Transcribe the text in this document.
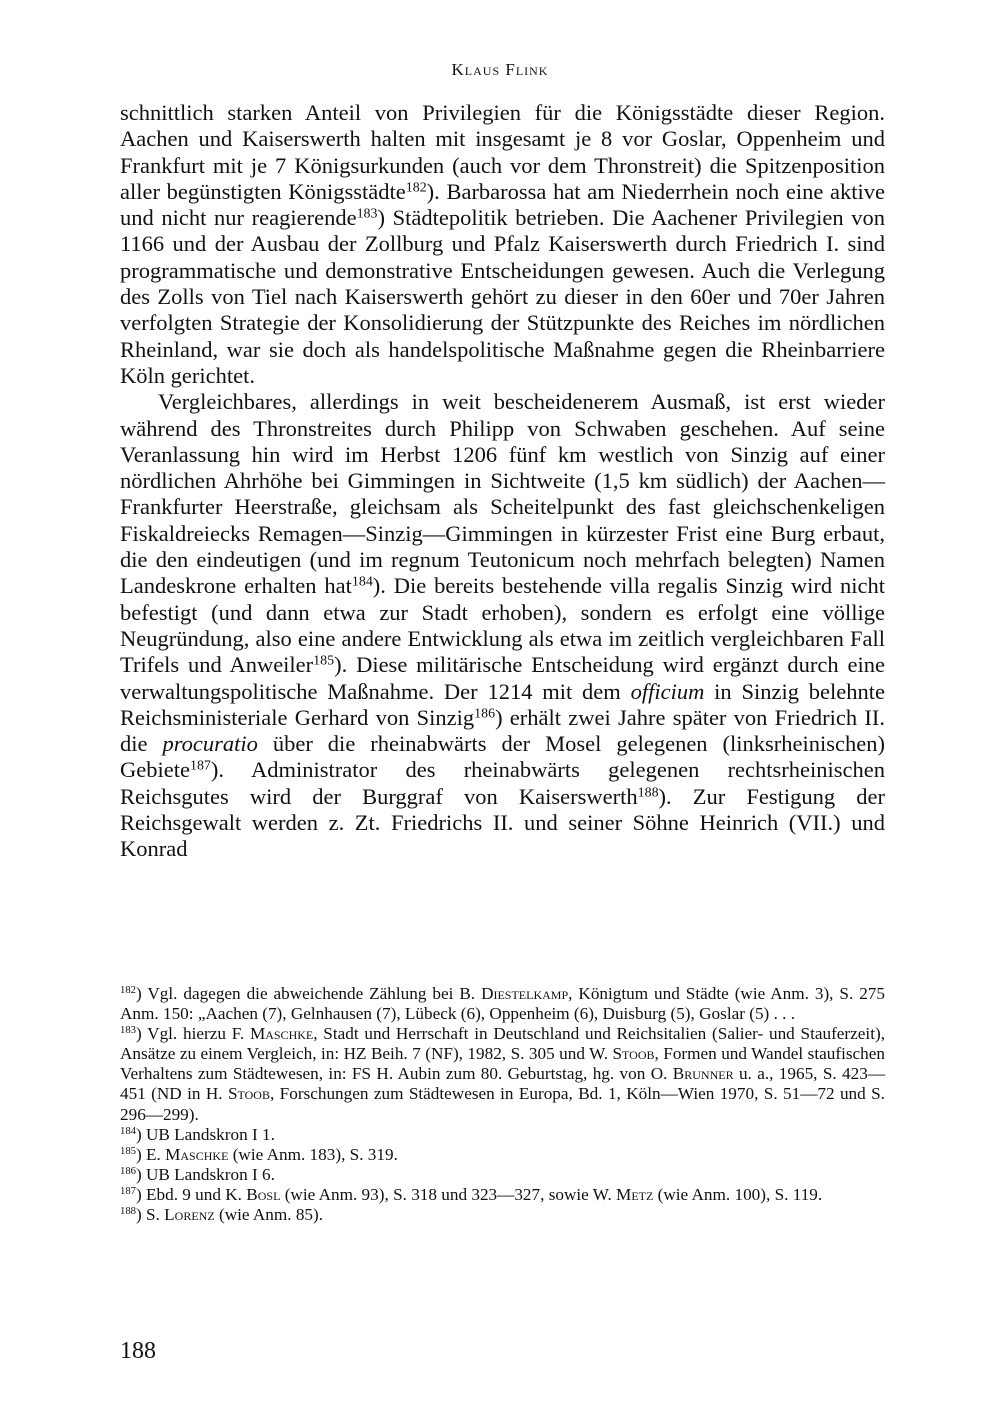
Klaus Flink

schnittlich starken Anteil von Privilegien für die Königsstädte dieser Region. Aachen und Kaiserswerth halten mit insgesamt je 8 vor Goslar, Oppenheim und Frankfurt mit je 7 Königsurkunden (auch vor dem Thronstreit) die Spitzenposition aller begünstigten Königsstädte$^{182}$). Barbarossa hat am Niederrhein noch eine aktive und nicht nur reagierende$^{183}$) Städtepolitik betrieben. Die Aachener Privilegien von 1166 und der Ausbau der Zollburg und Pfalz Kaiserswerth durch Friedrich I. sind programmatische und demonstrative Entscheidungen gewesen. Auch die Verlegung des Zolls von Tiel nach Kaiserswerth gehört zu dieser in den 60er und 70er Jahren verfolgten Strategie der Konsolidierung der Stützpunkte des Reiches im nördlichen Rheinland, war sie doch als handelspolitische Maßnahme gegen die Rheinbarriere Köln gerichtet.

Vergleichbares, allerdings in weit bescheidenerem Ausmaß, ist erst wieder während des Thronstreites durch Philipp von Schwaben geschehen. Auf seine Veranlassung hin wird im Herbst 1206 fünf km westlich von Sinzig auf einer nördlichen Ahrhöhe bei Gimmingen in Sichtweite (1,5 km südlich) der Aachen—Frankfurter Heerstraße, gleichsam als Scheitelpunkt des fast gleichschenkeligen Fiskaldreiecks Remagen—Sinzig—Gimmingen in kürzester Frist eine Burg erbaut, die den eindeutigen (und im regnum Teutonicum noch mehrfach belegten) Namen Landeskrone erhalten hat$^{184}$). Die bereits bestehende villa regalis Sinzig wird nicht befestigt (und dann etwa zur Stadt erhoben), sondern es erfolgt eine völlige Neugründung, also eine andere Entwicklung als etwa im zeitlich vergleichbaren Fall Trifels und Anweiler$^{185}$). Diese militärische Entscheidung wird ergänzt durch eine verwaltungspolitische Maßnahme. Der 1214 mit dem officium in Sinzig belehnte Reichsministeriale Gerhard von Sinzig$^{186}$) erhält zwei Jahre später von Friedrich II. die procuratio über die rheinabwärts der Mosel gelegenen (linksrheinischen) Gebiete$^{187}$). Administrator des rheinabwärts gelegenen rechtsrheinischen Reichsgutes wird der Burggraf von Kaiserswerth$^{188}$). Zur Festigung der Reichsgewalt werden z. Zt. Friedrichs II. und seiner Söhne Heinrich (VII.) und Konrad

$^{182}$) Vgl. dagegen die abweichende Zählung bei B. Diestelkamp, Königtum und Städte (wie Anm. 3), S. 275 Anm. 150: „Aachen (7), Gelnhausen (7), Lübeck (6), Oppenheim (6), Duisburg (5), Goslar (5) . . .

$^{183}$) Vgl. hierzu F. Maschke, Stadt und Herrschaft in Deutschland und Reichsitalien (Salier- und Stauferzeit), Ansätze zu einem Vergleich, in: HZ Beih. 7 (NF), 1982, S. 305 und W. Stoob, Formen und Wandel staufischen Verhaltens zum Städtewesen, in: FS H. Aubin zum 80. Geburtstag, hg. von O. Brunner u. a., 1965, S. 423—451 (ND in H. Stoob, Forschungen zum Städtewesen in Europa, Bd. 1, Köln—Wien 1970, S. 51—72 und S. 296—299).

$^{184}$) UB Landskron I 1.

$^{185}$) E. Maschke (wie Anm. 183), S. 319.

$^{186}$) UB Landskron I 6.

$^{187}$) Ebd. 9 und K. Bosl (wie Anm. 93), S. 318 und 323—327, sowie W. Metz (wie Anm. 100), S. 119.

$^{188}$) S. Lorenz (wie Anm. 85).

188
